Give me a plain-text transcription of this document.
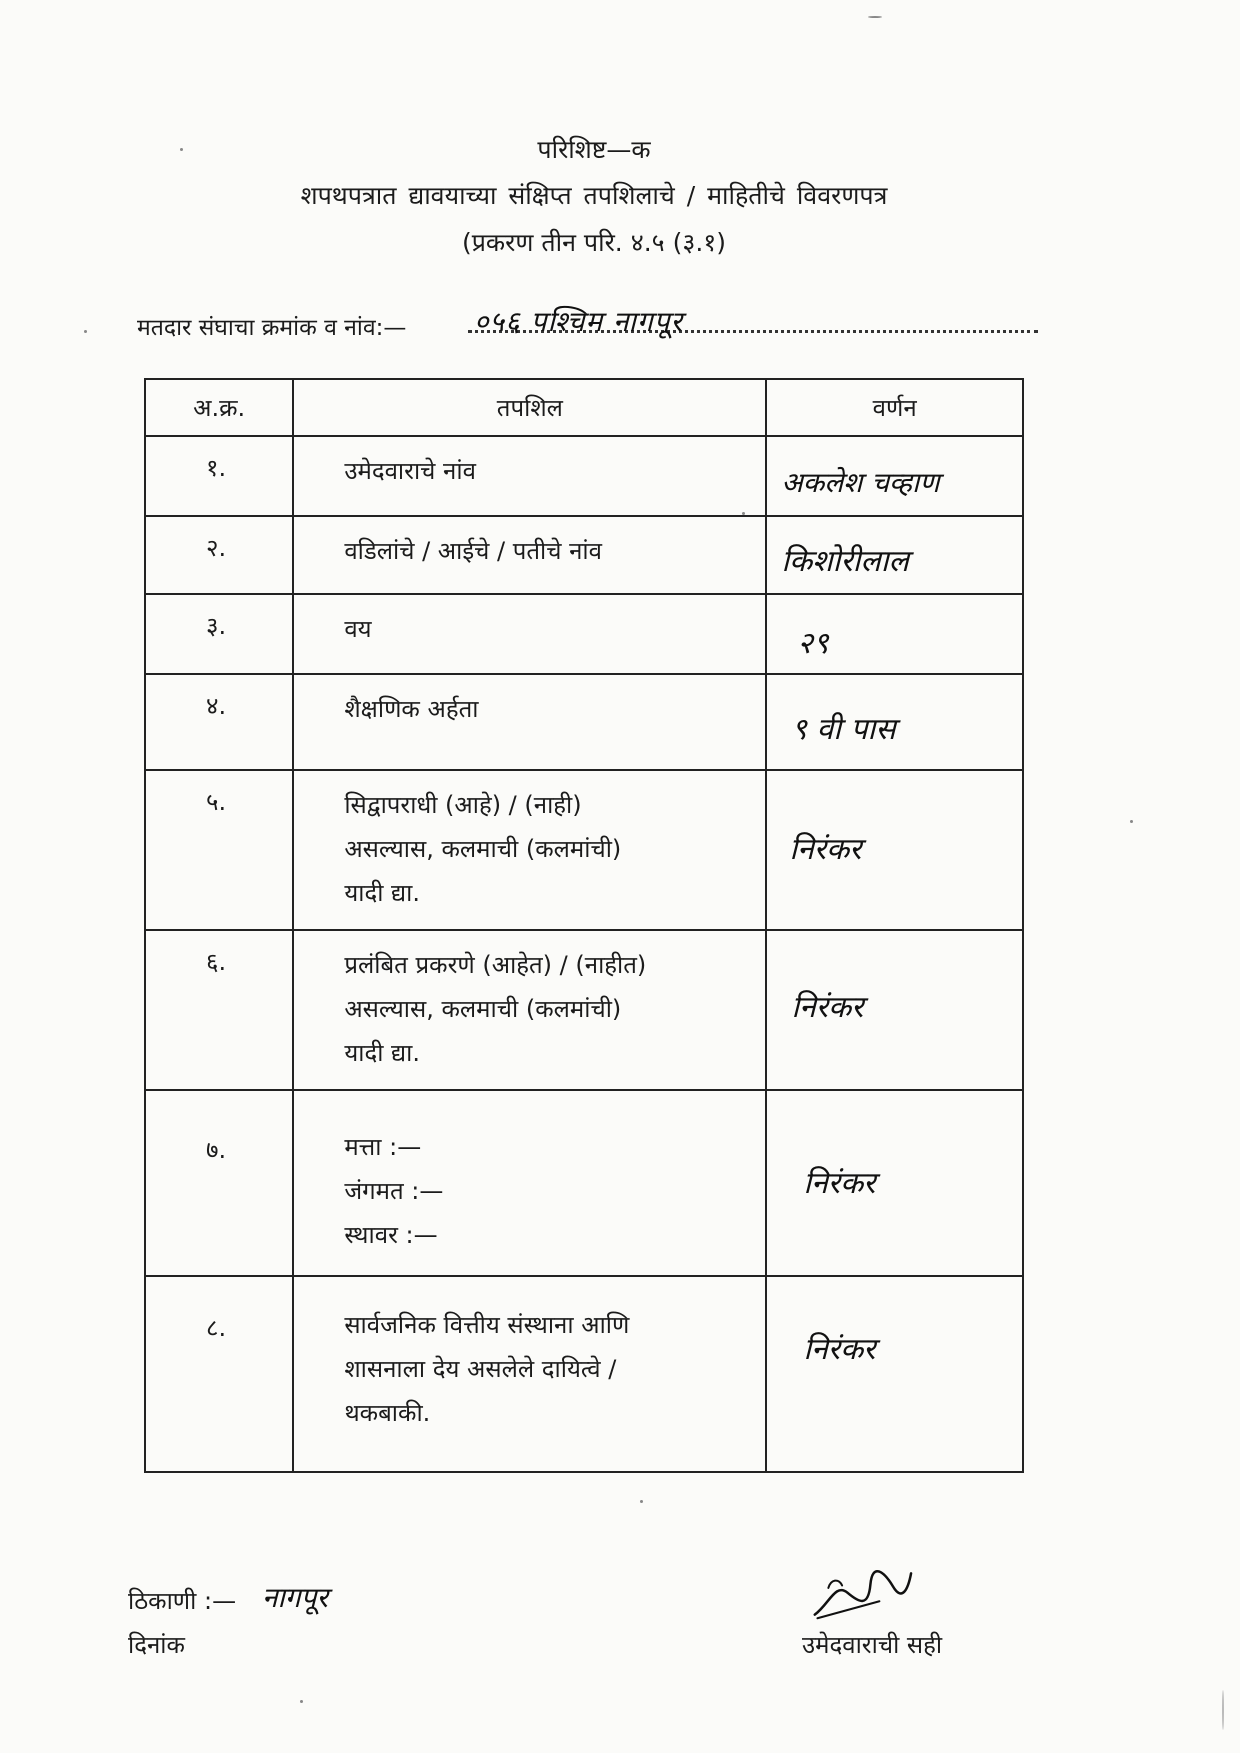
परिशिष्ट—क
शपथपत्रात द्यावयाच्या संक्षिप्त तपशिलाचे / माहितीचे विवरणपत्र
(प्रकरण तीन परि. ४.५ (३.१)
मतदार संघाचा क्रमांक व नांव:— ०५६ पश्चिम नागपूर
अ.क्र.	तपशिल	वर्णन
१.	उमेदवाराचे नांव	अकलेश चव्हाण
२.	वडिलांचे / आईचे / पतीचे नांव	किशोरीलाल
३.	वय	२९
४.	शैक्षणिक अर्हता	९ वी पास
५.	सिद्वापराधी (आहे) / (नाही)
असल्यास, कलमाची (कलमांची)
यादी द्या.	निरंकर
६.	प्रलंबित प्रकरणे (आहेत) / (नाहीत)
असल्यास, कलमाची (कलमांची)
यादी द्या.	निरंकर
७.	मत्ता :—
जंगमत :—
स्थावर :—	निरंकर
८.	सार्वजनिक वित्तीय संस्थाना आणि
शासनाला देय असलेले दायित्वे /
थकबाकी.	निरंकर
ठिकाणी :— नागपूर
दिनांक	उमेदवाराची सही
